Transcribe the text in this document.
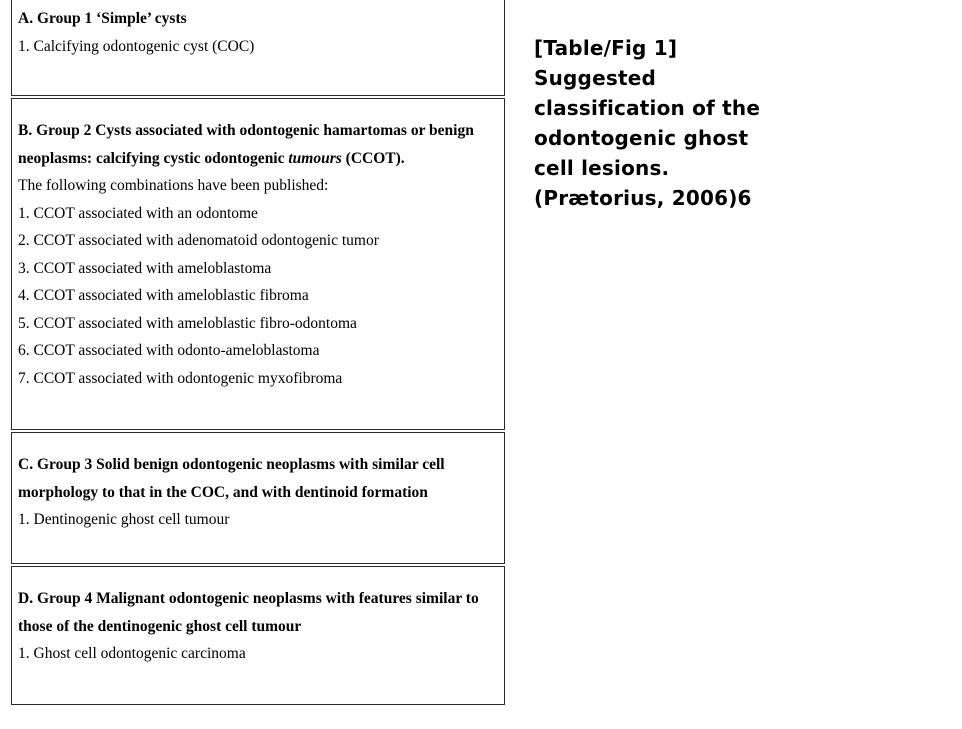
A. Group 1 ‘Simple’ cysts

1. Calcifying odontogenic cyst (COC)

B. Group 2 Cysts associated with odontogenic hamartomas or benign

neoplasms: calcifying cystic odontogenic tumours (CCOT).

The following combinations have been published:

1. CCOT associated with an odontome

2. CCOT associated with adenomatoid odontogenic tumor

3. CCOT associated with ameloblastoma

4. CCOT associated with ameloblastic fibroma

5. CCOT associated with ameloblastic fibro-odontoma

6. CCOT associated with odonto-ameloblastoma

7. CCOT associated with odontogenic myxofibroma

C. Group 3 Solid benign odontogenic neoplasms with similar cell

morphology to that in the COC, and with dentinoid formation

1. Dentinogenic ghost cell tumour

D. Group 4 Malignant odontogenic neoplasms with features similar to

those of the dentinogenic ghost cell tumour

1. Ghost cell odontogenic carcinoma

[Table/Fig 1]
Suggested
classification of the
odontogenic ghost
cell lesions.
(Prætorius, 2006)6
